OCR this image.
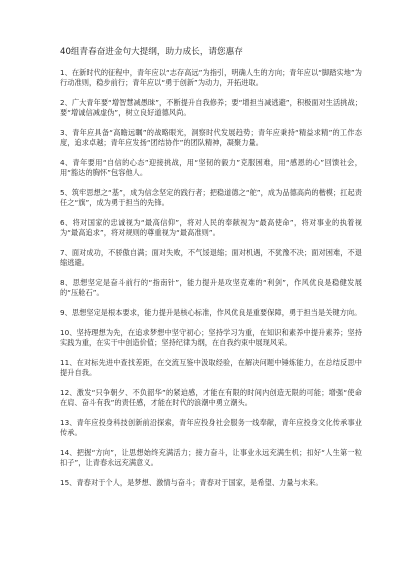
40组青春奋进金句大提纲，助力成长，请您惠存
1、在新时代的征程中，青年应以“志存高远”为指引，明确人生的方向；青年应以“脚踏实地”为行动准则，稳步前行；青年应以“勇于创新”为动力，开拓进取。
2、广大青年要“增智慧减愚昧”，不断提升自我修养；要“增担当减逃避”，积极面对生活挑战；要“增诚信减虚伪”，树立良好道德风尚。
3、青年应具备“高瞻远瞩”的战略眼光，洞察时代发展趋势；青年应秉持“精益求精”的工作态度，追求卓越；青年应发扬“团结协作”的团队精神，凝聚力量。
4、青年要用“自信的心态”迎接挑战，用“坚韧的毅力”克服困难，用“感恩的心”回馈社会，用“豁达的胸怀”包容他人。
5、筑牢思想之“基”，成为信念坚定的践行者；把稳道德之“舵”，成为品德高尚的楷模；扛起责任之“旗”，成为勇于担当的先锋。
6、将对国家的忠诚视为“最高信仰”，将对人民的奉献视为“最高使命”，将对事业的执着视为“最高追求”，将对规则的尊重视为“最高准则”。
7、面对成功，不骄傲自满；面对失败，不气馁退缩；面对机遇，不犹豫不决；面对困难，不退缩逃避。
8、思想坚定是奋斗前行的“指南针”，能力提升是攻坚克难的“利剑”，作风优良是稳健发展的“压舱石”。
9、思想坚定是根本要求，能力提升是核心标准，作风优良是重要保障，勇于担当是关键方向。
10、坚持理想为先，在追求梦想中坚守初心；坚持学习为重，在知识和素养中提升素养；坚持实践为重，在实干中创造价值；坚持纪律为纲，在自我约束中展现风采。
11、在对标先进中查找差距，在交流互鉴中汲取经验，在解决问题中锤炼能力，在总结反思中提升自我。
12、激发“只争朝夕、不负韶华”的紧迫感，才能在有限的时间内创造无限的可能；增强“使命在肩、奋斗有我”的责任感，才能在时代的浪潮中勇立潮头。
13、青年应投身科技创新前沿探索，青年应投身社会服务一线奉献，青年应投身文化传承事业传承。
14、把握“方向”，让思想始终充满活力；接力奋斗，让事业永远充满生机；扣好“人生第一粒扣子”，让青春永远充满意义。
15、青春对于个人，是梦想、激情与奋斗；青春对于国家，是希望、力量与未来。
